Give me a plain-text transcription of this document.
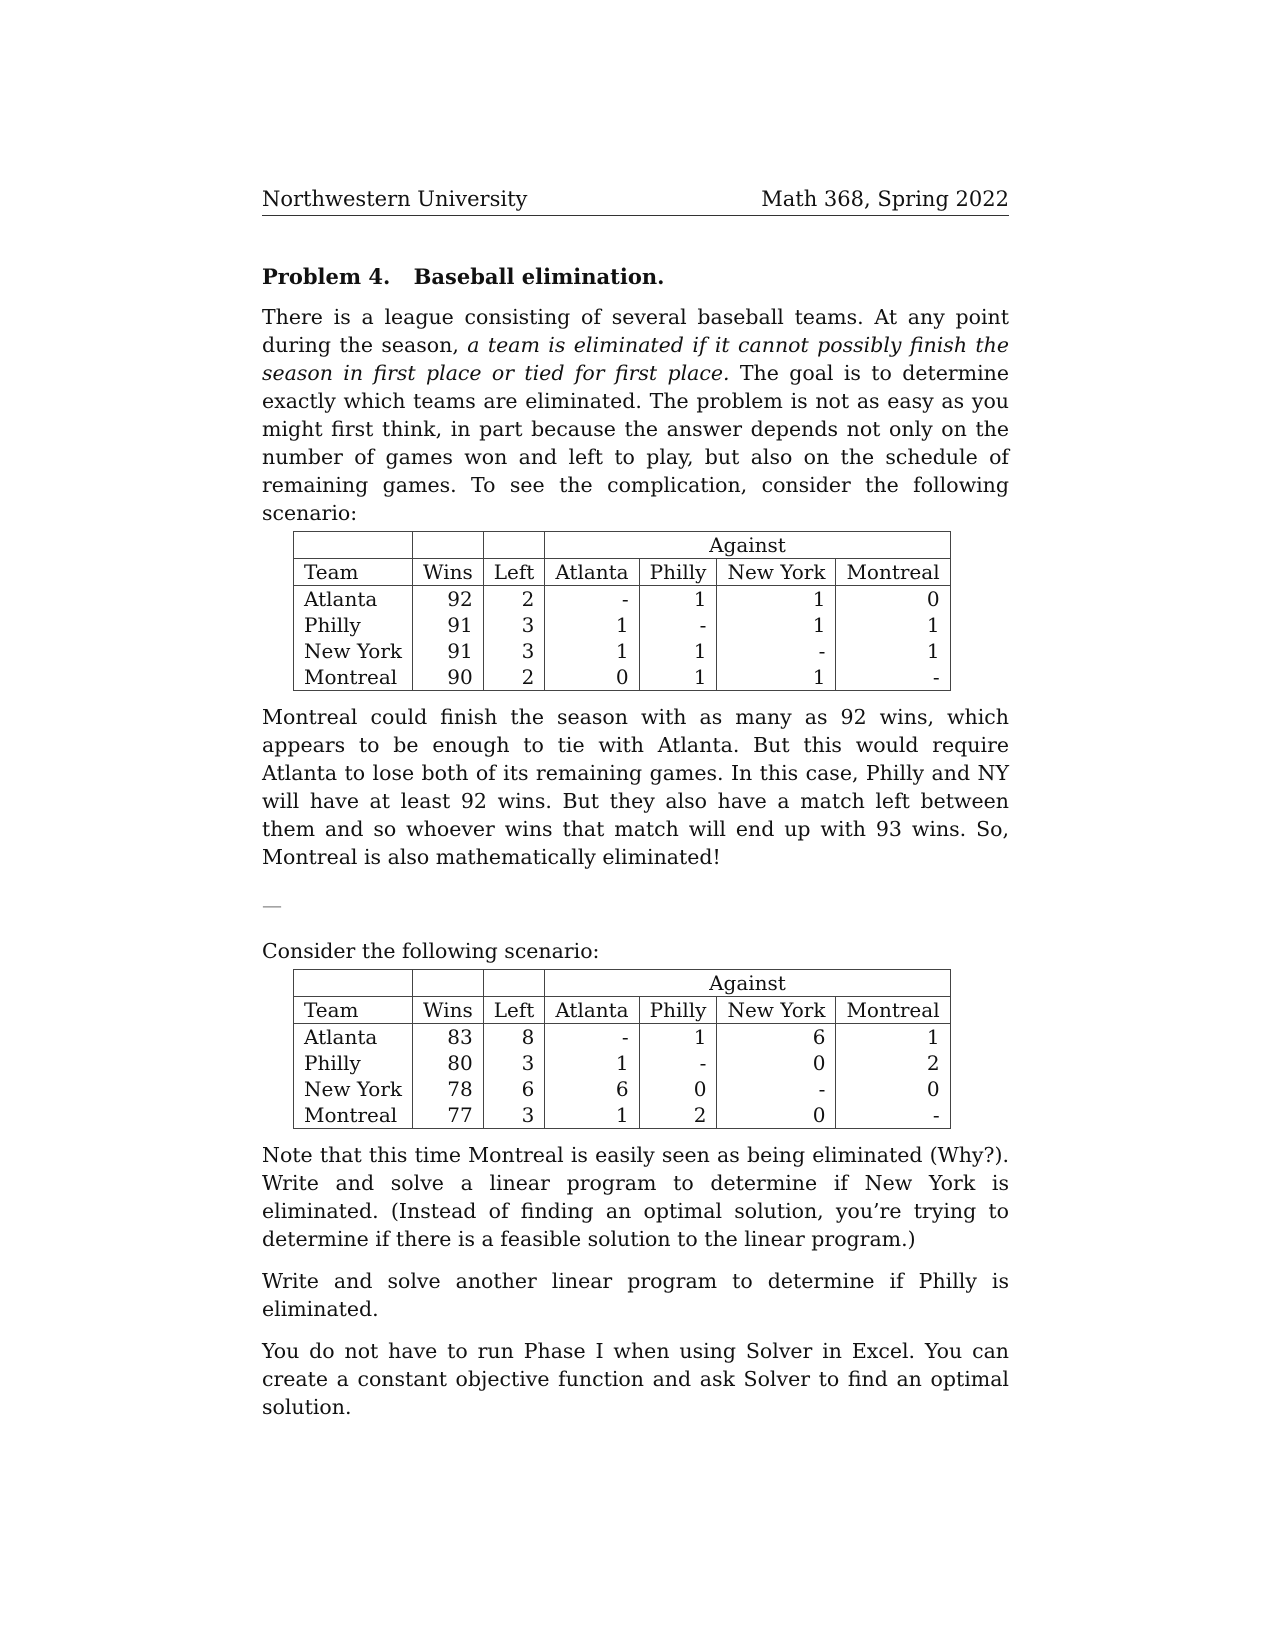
Northwestern University	Math 368, Spring 2022
Problem 4. Baseball elimination.

There is a league consisting of several baseball teams. At any point during the season, a team is eliminated if it cannot possibly finish the season in first place or tied for first place. The goal is to determine exactly which teams are eliminated. The problem is not as easy as you might first think, in part because the answer depends not only on the number of games won and left to play, but also on the schedule of remaining games. To see the complication, consider the following scenario:

			Against			
Team	Wins	Left	Atlanta	Philly	New York	Montreal
Atlanta	92	2	-	1	1	0
Philly	91	3	1	-	1	1
New York	91	3	1	1	-	1
Montreal	90	2	0	1	1	-

Montreal could finish the season with as many as 92 wins, which appears to be enough to tie with Atlanta. But this would require Atlanta to lose both of its remaining games. In this case, Philly and NY will have at least 92 wins. But they also have a match left between them and so whoever wins that match will end up with 93 wins. So, Montreal is also mathematically eliminated!

—

Consider the following scenario:

			Against			
Team	Wins	Left	Atlanta	Philly	New York	Montreal
Atlanta	83	8	-	1	6	1
Philly	80	3	1	-	0	2
New York	78	6	6	0	-	0
Montreal	77	3	1	2	0	-

Note that this time Montreal is easily seen as being eliminated (Why?). Write and solve a linear program to determine if New York is eliminated. (Instead of finding an optimal solution, you’re trying to determine if there is a feasible solution to the linear program.)

Write and solve another linear program to determine if Philly is eliminated.

You do not have to run Phase I when using Solver in Excel. You can create a constant objective function and ask Solver to find an optimal solution.
